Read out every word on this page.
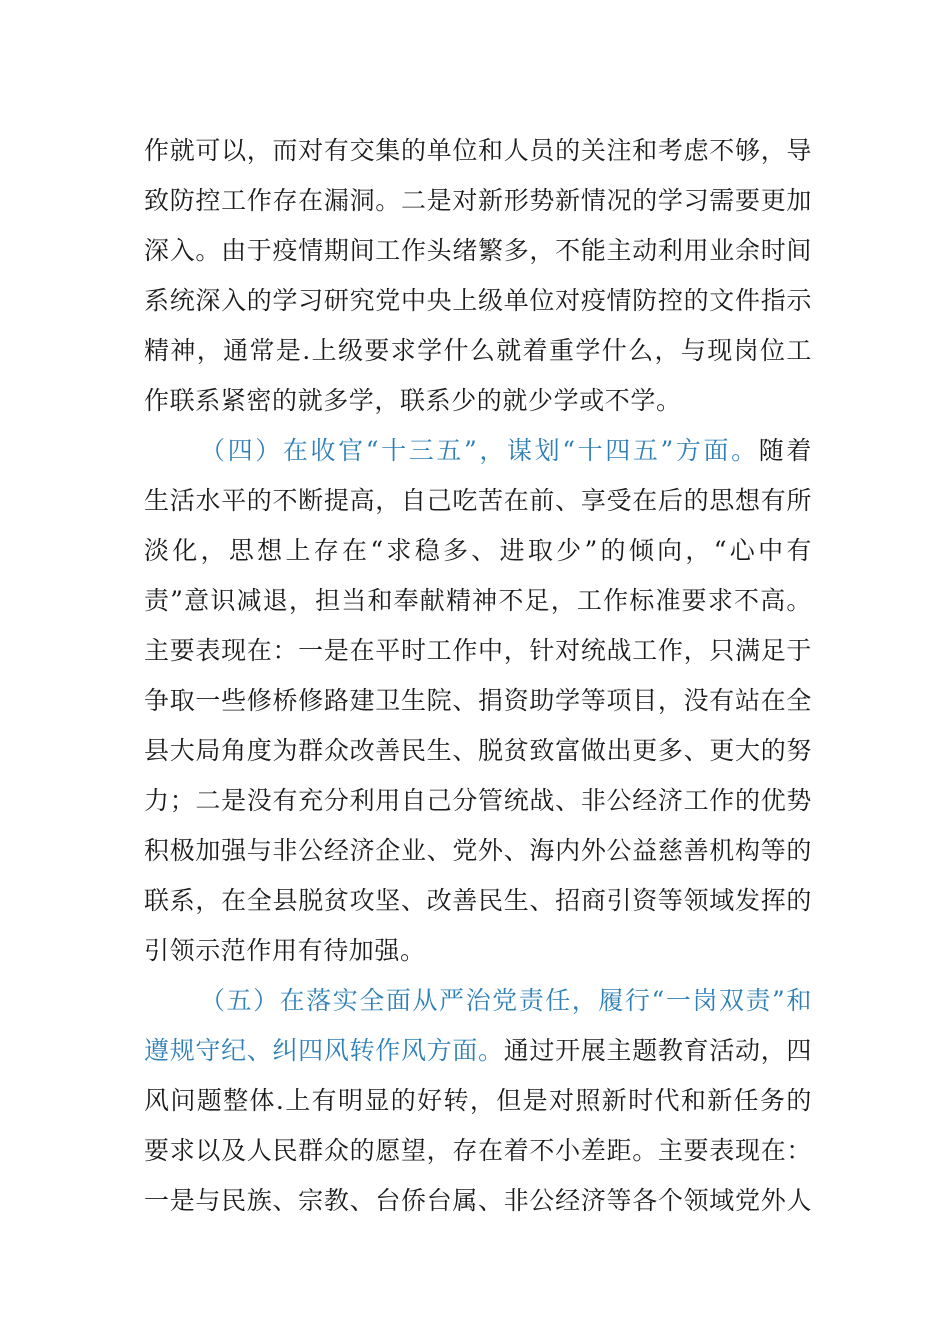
作就可以，而对有交集的单位和人员的关注和考虑不够，导
致防控工作存在漏洞。二是对新形势新情况的学习需要更加
深入。由于疫情期间工作头绪繁多，不能主动利用业余时间
系统深入的学习研究党中央上级单位对疫情防控的文件指示
精神，通常是.上级要求学什么就着重学什么，与现岗位工
作联系紧密的就多学，联系少的就少学或不学。
（四）在收官“十三五”，谋划“十四五”方面。随着
生活水平的不断提高，自己吃苦在前、享受在后的思想有所
淡化，思想上存在“求稳多、进取少”的倾向，“心中有
责”意识减退，担当和奉献精神不足，工作标准要求不高。
主要表现在：一是在平时工作中，针对统战工作，只满足于
争取一些修桥修路建卫生院、捐资助学等项目，没有站在全
县大局角度为群众改善民生、脱贫致富做出更多、更大的努
力；二是没有充分利用自己分管统战、非公经济工作的优势
积极加强与非公经济企业、党外、海内外公益慈善机构等的
联系，在全县脱贫攻坚、改善民生、招商引资等领域发挥的
引领示范作用有待加强。
（五）在落实全面从严治党责任，履行“一岗双责”和
遵规守纪、纠四风转作风方面。通过开展主题教育活动，四
风问题整体.上有明显的好转，但是对照新时代和新任务的
要求以及人民群众的愿望，存在着不小差距。主要表现在：
一是与民族、宗教、台侨台属、非公经济等各个领域党外人
